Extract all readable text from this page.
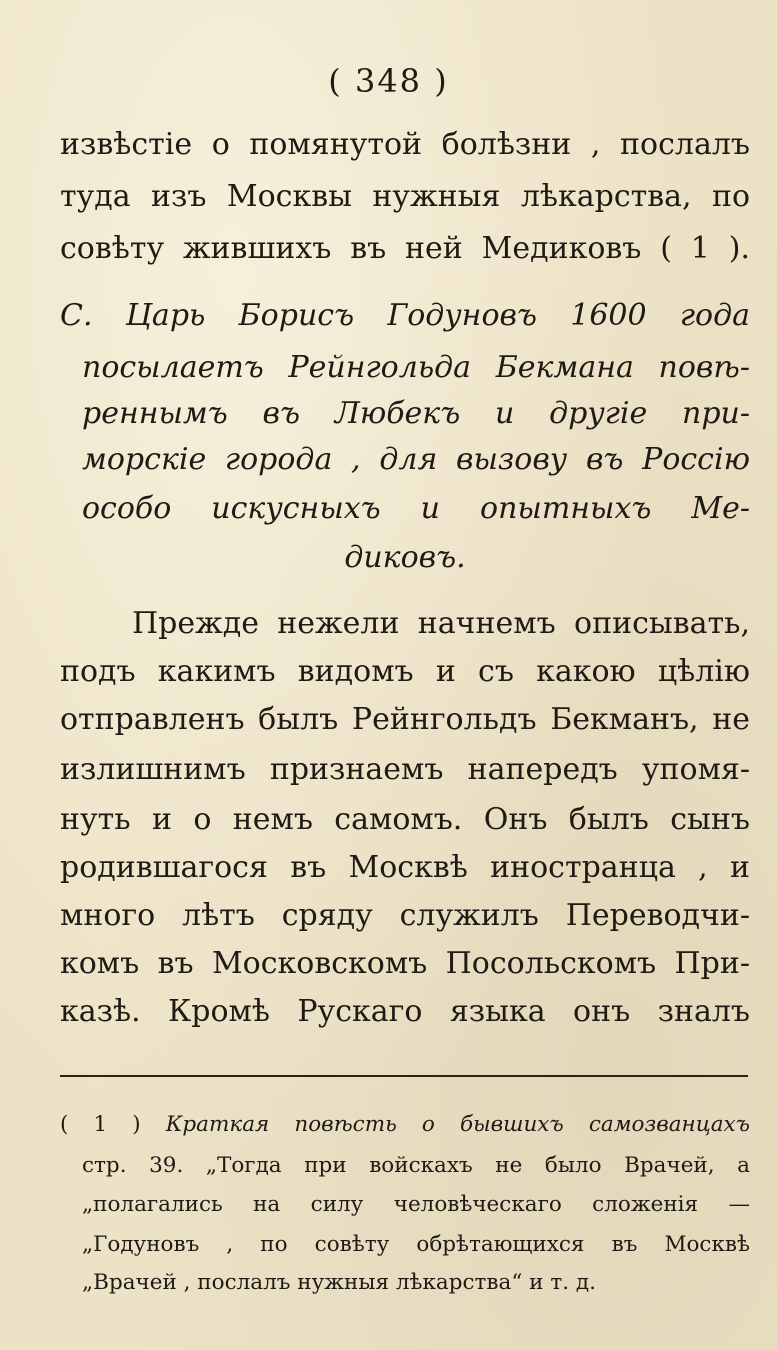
( 348 )
извѣстіе о помянутой болѣзни , послалъ
туда изъ Москвы нужныя лѣкарства, по
совѣту жившихъ въ ней Медиковъ ( 1 ).
С. Царь Борисъ Годуновъ 1600 года
посылаетъ Рейнгольда Бекмана повѣ-
реннымъ въ Любекъ и другіе при-
морскіе города , для вызову въ Россію
особо искусныхъ и опытныхъ Ме-
диковъ.
Прежде нежели начнемъ описывать,
подъ какимъ видомъ и съ какою цѣлію
отправленъ былъ Рейнгольдъ Бекманъ, не
излишнимъ признаемъ напередъ упомя-
нуть и о немъ самомъ. Онъ былъ сынъ
родившагося въ Москвѣ иностранца , и
много лѣтъ сряду служилъ Переводчи-
комъ въ Московскомъ Посольскомъ При-
казѣ. Кромѣ Рускаго языка онъ зналъ
( 1 ) Краткая повѣсть о бывшихъ самозванцахъ
стр. 39. „Тогда при войскахъ не было Врачей, а
„полагались на силу человѣческаго сложенія —
„Годуновъ , по совѣту обрѣтающихся въ Москвѣ
„Врачей , послалъ нужныя лѣкарства“ и т. д.
